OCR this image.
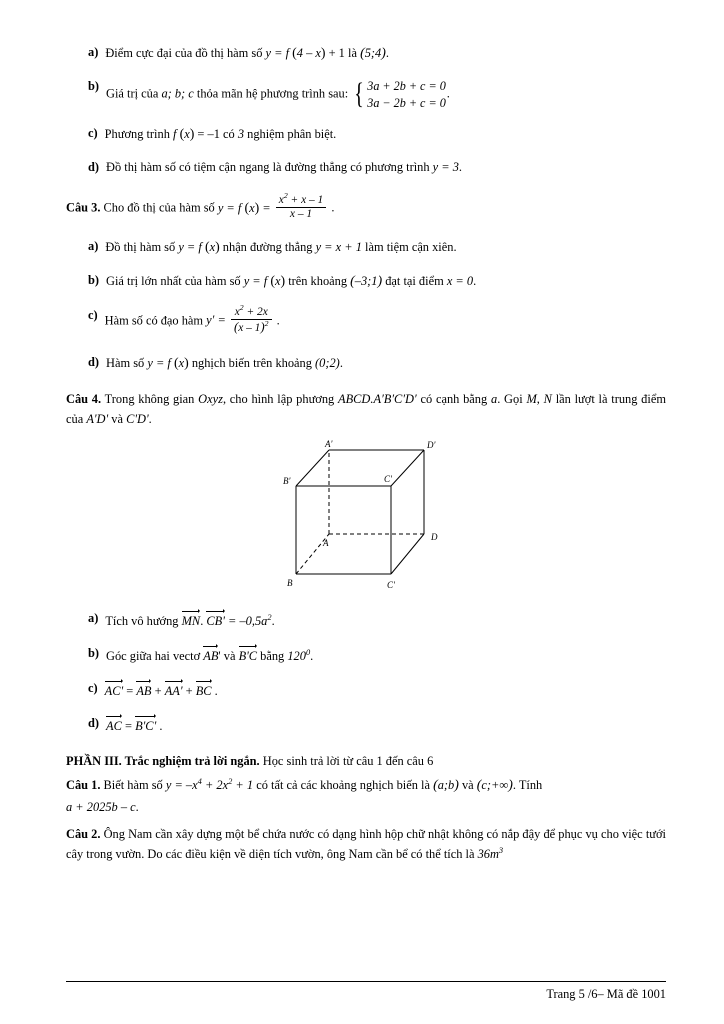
a) Điểm cực đại của đồ thị hàm số y = f (4 – x) + 1 là (5;4).
b)
Giá trị của a; b; c thỏa mãn hệ phương trình sau: { 3a + 2b + c = 0
3a − 2b + c = 0
.
c) Phương trình f (x) = –1 có 3 nghiệm phân biệt.
d) Đồ thị hàm số có tiệm cận ngang là đường thẳng có phương trình y = 3.
Câu 3. Cho đồ thị của hàm số y = f $(x) = \frac{x^2 + x - 1}{x - 1}$ .
a) Đồ thị hàm số y = f (x) nhận đường thẳng y = x + 1 làm tiệm cận xiên.
b) Giá trị lớn nhất của hàm số y = f (x) trên khoảng (–3;1) đạt tại điểm x = 0.
c) Hàm số có đạo hàm $y' = \frac{x^2 + 2x}{(x - 1)^2}$ .
d) Hàm số y = f (x) nghịch biến trên khoảng (0;2).
Câu 4. Trong không gian Oxyz, cho hình lập phương ABCD.A′B′C′D′ có cạnh bằng a. Gọi M, N lần lượt là trung điểm của A'D' và C'D'.
B	C'
A
D
B'	C'
A'	D'
a) Tích vô hướng MN. $CB' = -0,5a^2$.
b) Góc giữa hai vectơ AB' và B'C bằng $120^0$.
c) AC' = AB + AA' + BC .
d) AC = B'C' .
PHẦN III. Trắc nghiệm trả lời ngắn. Học sinh trả lời từ câu 1 đến câu 6
Câu 1. Biết hàm số $y = -x^4 + 2x^2 + 1$ có tất cả các khoảng nghịch biến là (a;b) và (c;+∞). Tính
a + 2025b – c.
Câu 2. Ông Nam cần xây dựng một bể chứa nước có dạng hình hộp chữ nhật không có nắp đậy để phục vụ cho việc tưới cây trong vườn. Do các điều kiện về diện tích vườn, ông Nam cần bể có thể tích là $36m^3$
Trang 5 /6– Mã đề 1001
